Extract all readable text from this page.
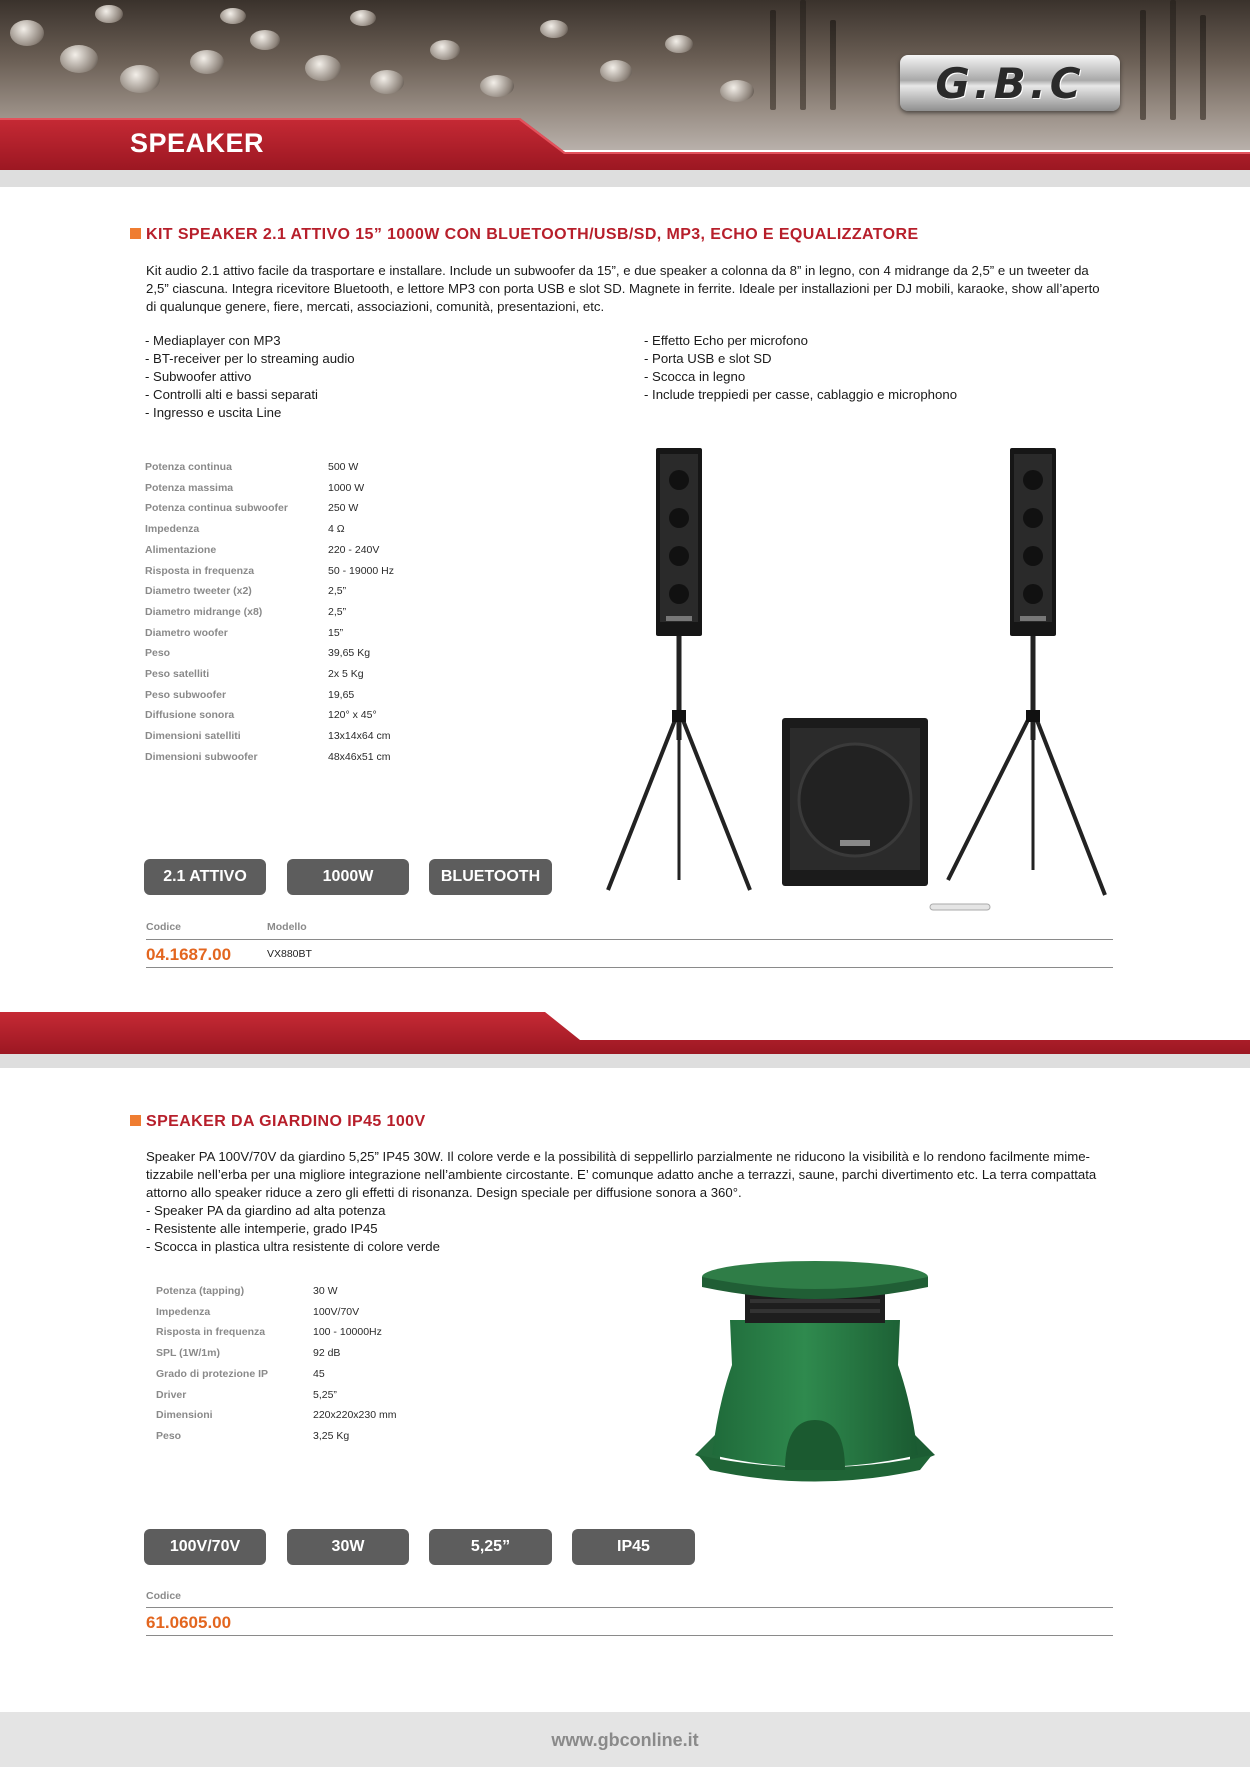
SPEAKER
G.B.C
KIT SPEAKER 2.1 ATTIVO 15” 1000W CON BLUETOOTH/USB/SD, MP3, ECHO E EQUALIZZATORE
Kit audio 2.1 attivo facile da trasportare e installare. Include un subwoofer da 15”, e due speaker a colonna da 8” in legno, con 4 midrange da 2,5” e un tweeter da
2,5” ciascuna. Integra ricevitore Bluetooth, e lettore MP3 con porta USB e slot SD. Magnete in ferrite. Ideale per installazioni per DJ mobili, karaoke, show all’aperto
di qualunque genere, fiere, mercati, associazioni, comunità, presentazioni, etc.
- Mediaplayer con MP3
- BT-receiver per lo streaming audio
- Subwoofer attivo
- Controlli alti e bassi separati
- Ingresso e uscita Line
- Effetto Echo per microfono
- Porta USB e slot SD
- Scocca in legno
- Include treppiedi per casse, cablaggio e microphono
Potenza continua	500 W
Potenza massima	1000 W
Potenza continua subwoofer	250 W
Impedenza	4 Ω
Alimentazione	220 - 240V
Risposta in frequenza	50 - 19000 Hz
Diametro tweeter (x2)	2,5”
Diametro midrange (x8)	2,5”
Diametro woofer	15”
Peso	39,65 Kg
Peso satelliti	2x 5 Kg
Peso subwoofer	19,65
Diffusione sonora	120° x 45°
Dimensioni satelliti	13x14x64 cm
Dimensioni subwoofer	48x46x51 cm
2.1 ATTIVO	1000W	BLUETOOTH
Codice	Modello
04.1687.00	VX880BT
SPEAKER DA GIARDINO IP45 100V
Speaker PA 100V/70V da giardino 5,25” IP45 30W. Il colore verde e la possibilità di seppellirlo parzialmente ne riducono la visibilità e lo rendono facilmente mime-
tizzabile nell’erba per una migliore integrazione nell’ambiente circostante. E’ comunque adatto anche a terrazzi, saune, parchi divertimento etc. La terra compattata
attorno allo speaker riduce a zero gli effetti di risonanza. Design speciale per diffusione sonora a 360°.
- Speaker PA da giardino ad alta potenza
- Resistente alle intemperie, grado IP45
- Scocca in plastica ultra resistente di colore verde
Potenza (tapping)	30 W
Impedenza	100V/70V
Risposta in frequenza	100 - 10000Hz
SPL (1W/1m)	92 dB
Grado di protezione IP	45
Driver	5,25”
Dimensioni	220x220x230 mm
Peso	3,25 Kg
100V/70V	30W	5,25”	IP45
Codice
61.0605.00
www.gbconline.it
